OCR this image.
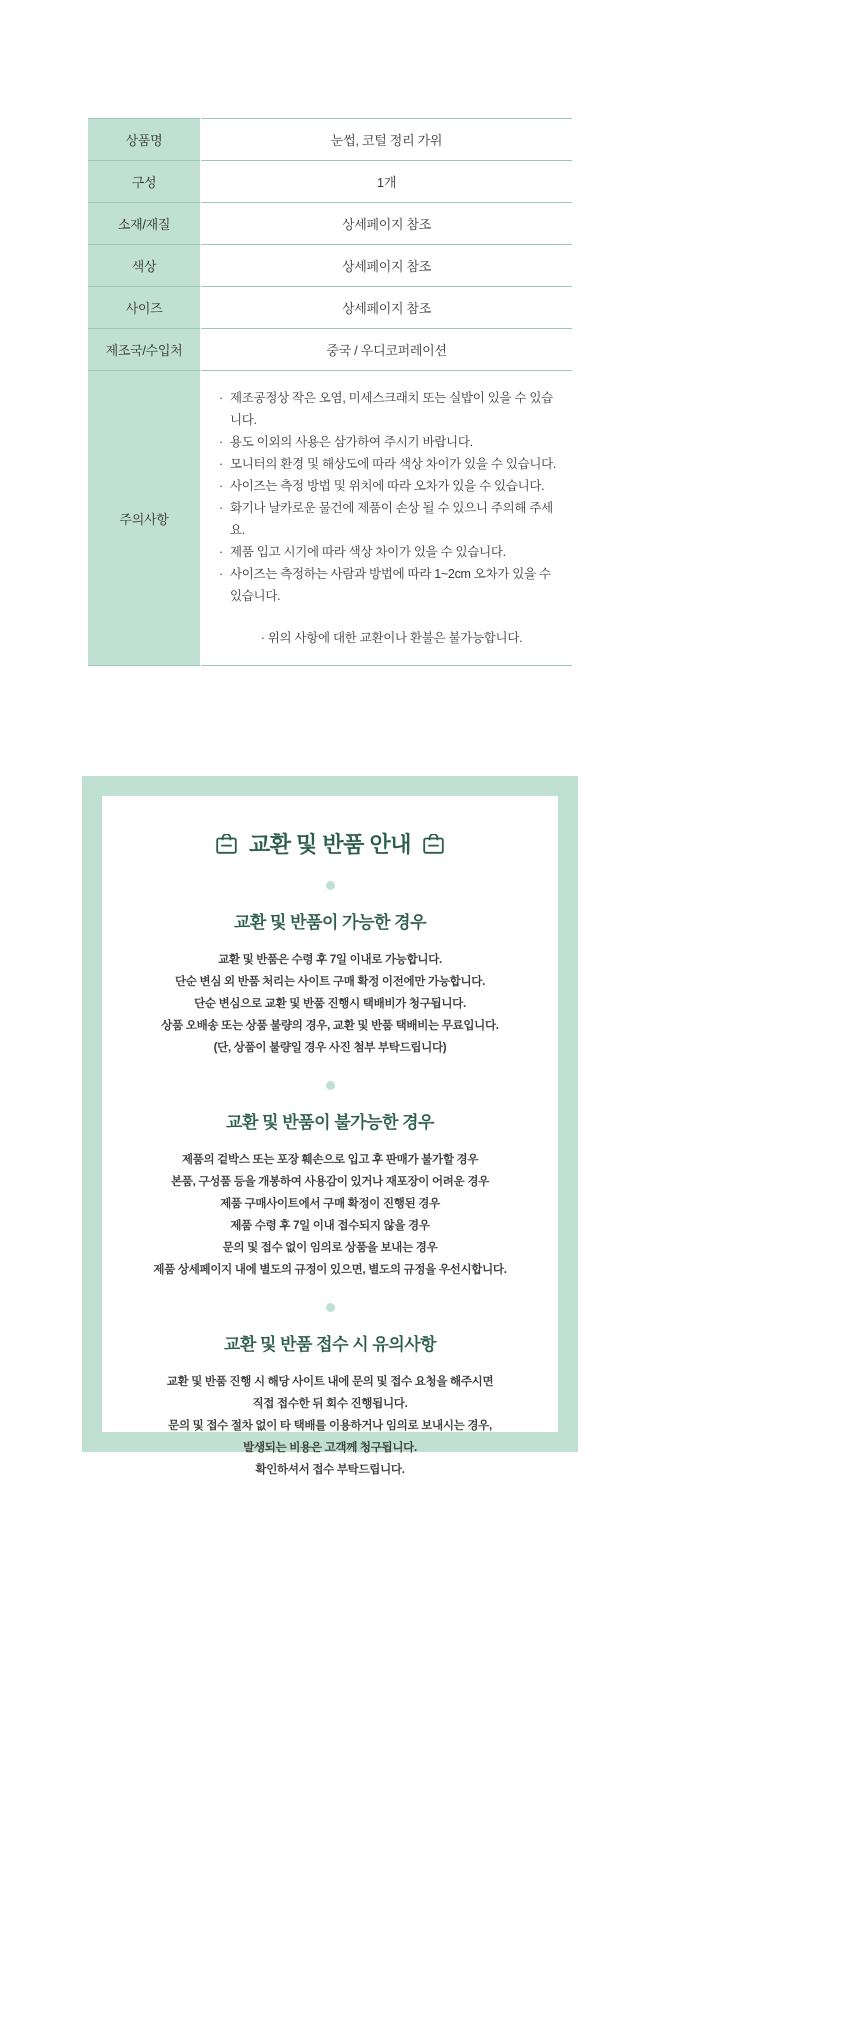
상품명	눈썹, 코털 정리 가위
구성	1개
소재/재질	상세페이지 참조
색상	상세페이지 참조
사이즈	상세페이지 참조
제조국/수입처	중국 / 우디코퍼레이션
주의사항	
· 제조공정상 작은 오염, 미세스크래치 또는 실밥이 있을 수 있습니다.
· 용도 이외의 사용은 삼가하여 주시기 바랍니다.
· 모니터의 환경 및 해상도에 따라 색상 차이가 있을 수 있습니다.
· 사이즈는 측정 방법 및 위치에 따라 오차가 있을 수 있습니다.
· 화기나 날카로운 물건에 제품이 손상 될 수 있으니 주의해 주세요.
· 제품 입고 시기에 따라 색상 차이가 있을 수 있습니다.
· 사이즈는 측정하는 사람과 방법에 따라 1~2cm 오차가 있을 수 있습니다.
· 위의 사항에 대한 교환이나 환불은 불가능합니다.
교환 및 반품 안내
교환 및 반품이 가능한 경우

교환 및 반품은 수령 후 7일 이내로 가능합니다.

단순 변심 외 반품 처리는 사이트 구매 확정 이전에만 가능합니다.

단순 변심으로 교환 및 반품 진행시 택배비가 청구됩니다.

상품 오배송 또는 상품 불량의 경우, 교환 및 반품 택배비는 무료입니다.

(단, 상품이 불량일 경우 사진 첨부 부탁드립니다)

교환 및 반품이 불가능한 경우

제품의 겉박스 또는 포장 훼손으로 입고 후 판매가 불가할 경우

본품, 구성품 등을 개봉하여 사용감이 있거나 재포장이 어려운 경우

제품 구매사이트에서 구매 확정이 진행된 경우

제품 수령 후 7일 이내 접수되지 않을 경우

문의 및 접수 없이 임의로 상품을 보내는 경우

제품 상세페이지 내에 별도의 규정이 있으면, 별도의 규정을 우선시합니다.

교환 및 반품 접수 시 유의사항

교환 및 반품 진행 시 해당 사이트 내에 문의 및 접수 요청을 해주시면

직접 접수한 뒤 회수 진행됩니다.

문의 및 접수 절차 없이 타 택배를 이용하거나 임의로 보내시는 경우,

발생되는 비용은 고객께 청구됩니다.

확인하셔서 접수 부탁드립니다.
